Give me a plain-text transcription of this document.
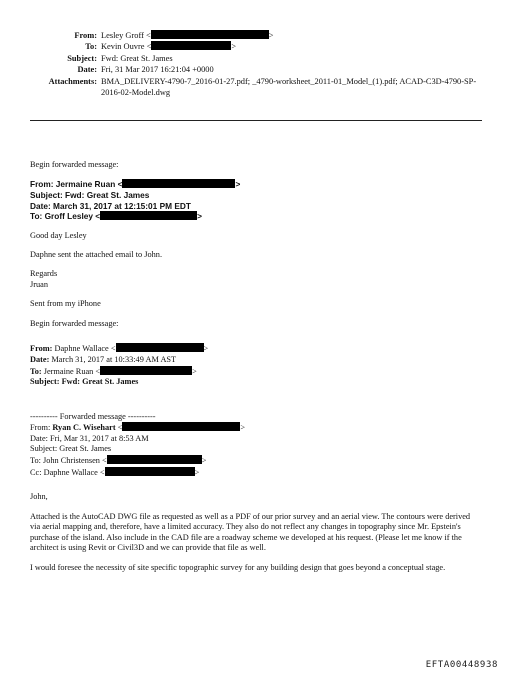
From: Lesley Groff <	>
To: Kevin Ouvre <	>
Subject: Fwd: Great St. James
Date: Fri, 31 Mar 2017 16:21:04 +0000
Attachments: BMA_DELIVERY-4790-7_2016-01-27.pdf; _4790-worksheet_2011-01_Model_(1).pdf; ACAD-C3D-4790-SP-2016-02-Model.dwg

Begin forwarded message:

From: Jermaine Ruan <	>

Subject: Fwd: Great St. James

Date: March 31, 2017 at 12:15:01 PM EDT

To: Groff Lesley <	>

Good day Lesley

Daphne sent the attached email to John.

Regards

Jruan

Sent from my iPhone

Begin forwarded message:

From: Daphne Wallace <	>

Date: March 31, 2017 at 10:33:49 AM AST

To: Jermaine Ruan <	>

Subject: Fwd: Great St. James

---------- Forwarded message ----------

From: Ryan C. Wisehart <	>

Date: Fri, Mar 31, 2017 at 8:53 AM

Subject: Great St. James

To: John Christensen <	>

Cc: Daphne Wallace <	>

John,

Attached is the AutoCAD DWG file as requested as well as a PDF of our prior survey and an aerial view. The contours were derived via aerial mapping and, therefore, have a limited accuracy. They also do not reflect any changes in topography since Mr. Epstein's purchase of the island. Also include in the CAD file are a roadway scheme we developed at his request. (Please let me know if the architect is using Revit or Civil3D and we can provide that file as well.

I would foresee the necessity of site specific topographic survey for any building design that goes beyond a conceptual stage.

EFTA00448938
